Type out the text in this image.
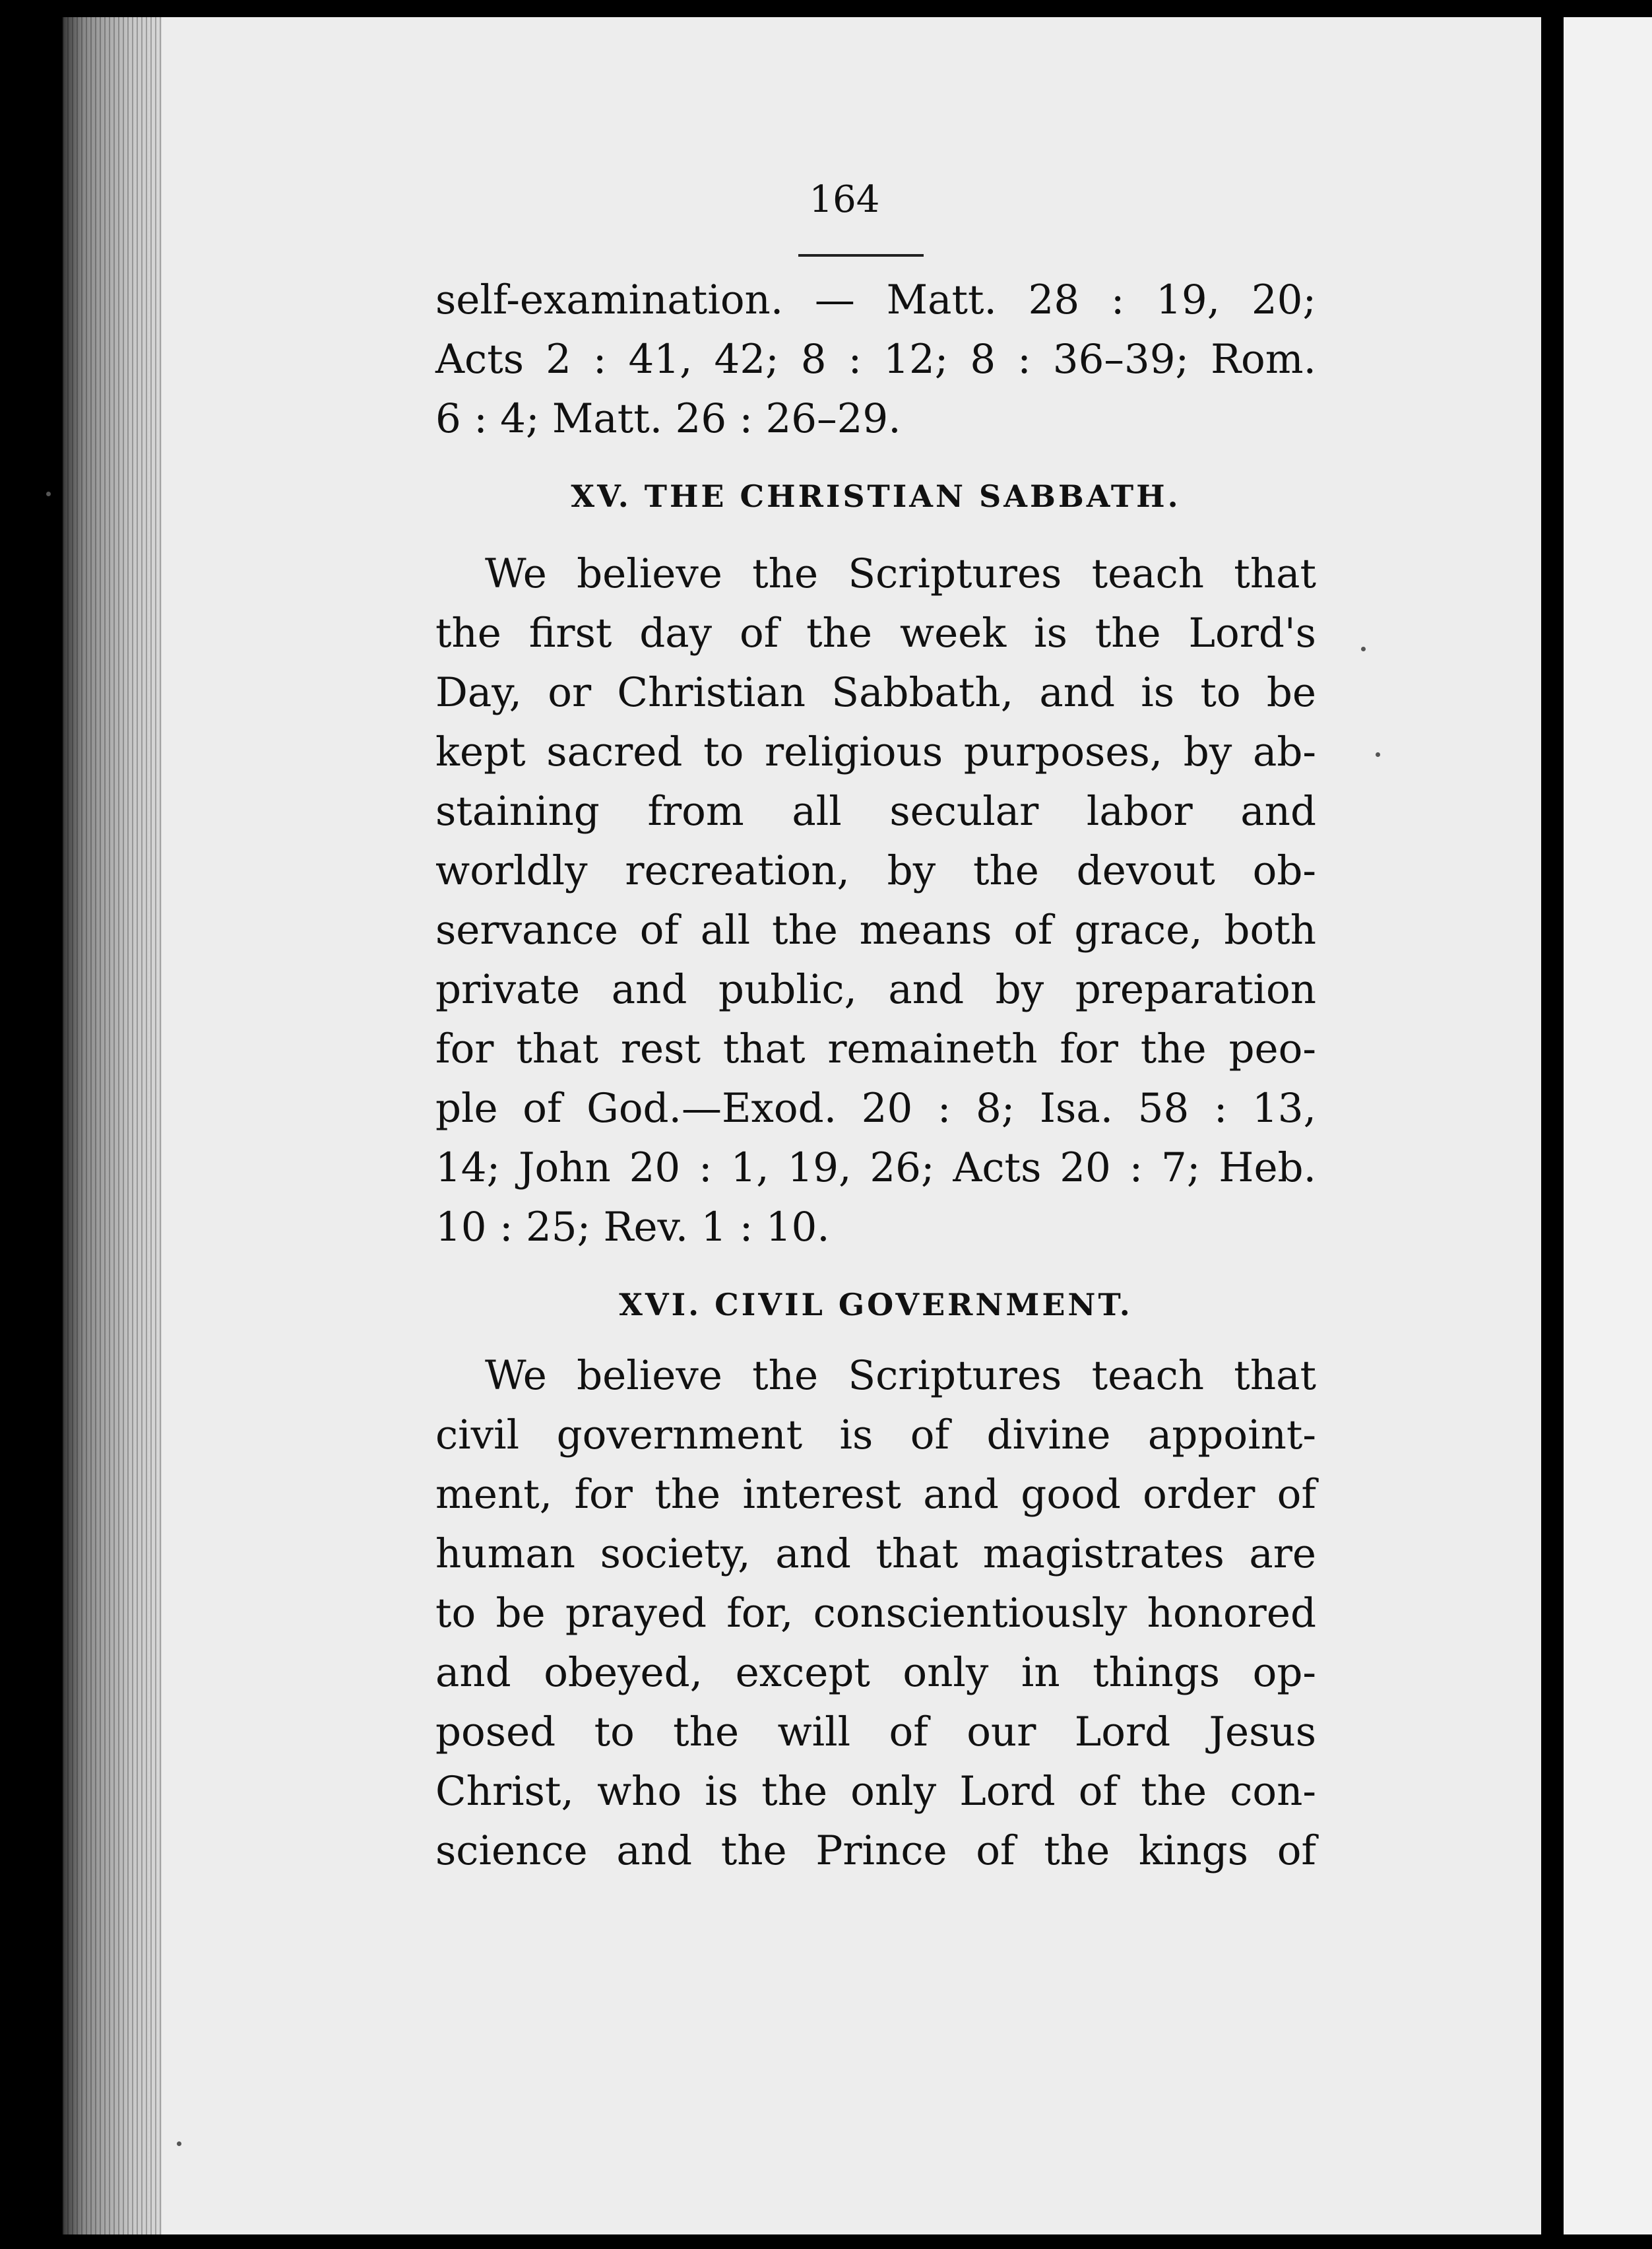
164
self-examination. — Matt. 28 : 19, 20;
Acts 2 : 41, 42; 8 : 12; 8 : 36–39; Rom.
6 : 4; Matt. 26 : 26–29.
XV. THE CHRISTIAN SABBATH.
We believe the Scriptures teach that
the first day of the week is the Lord's
Day, or Christian Sabbath, and is to be
kept sacred to religious purposes, by ab-
staining from all secular labor and
worldly recreation, by the devout ob-
servance of all the means of grace, both
private and public, and by preparation
for that rest that remaineth for the peo-
ple of God.—Exod. 20 : 8; Isa. 58 : 13,
14; John 20 : 1, 19, 26; Acts 20 : 7; Heb.
10 : 25; Rev. 1 : 10.
XVI. CIVIL GOVERNMENT.
We believe the Scriptures teach that
civil government is of divine appoint-
ment, for the interest and good order of
human society, and that magistrates are
to be prayed for, conscientiously honored
and obeyed, except only in things op-
posed to the will of our Lord Jesus
Christ, who is the only Lord of the con-
science and the Prince of the kings of
